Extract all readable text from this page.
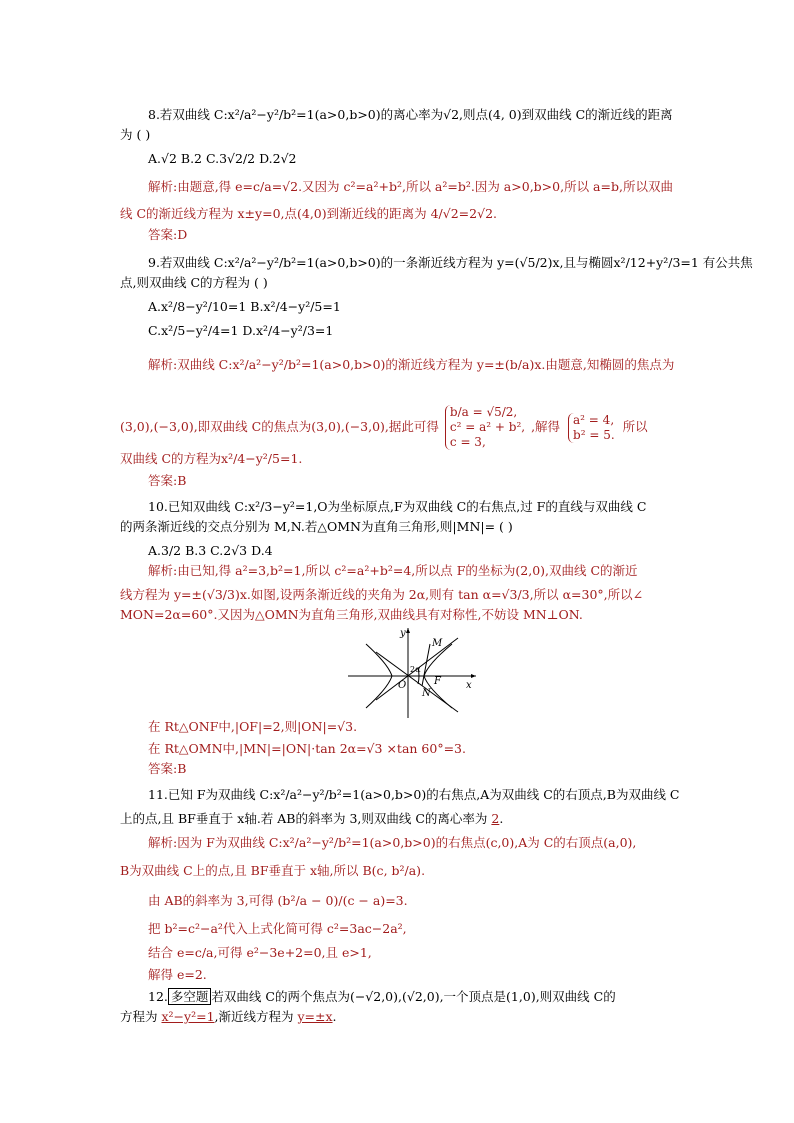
8.若双曲线 C:x²/a²−y²/b²=1(a>0,b>0)的离心率为√2,则点(4, 0)到双曲线 C的渐近线的距离
为 ( )
A.√2 B.2 C.3√2/2 D.2√2
解析:由题意,得 e=c/a=√2.又因为 c²=a²+b²,所以 a²=b².因为 a>0,b>0,所以 a=b,所以双曲
线 C的渐近线方程为 x±y=0,点(4,0)到渐近线的距离为 4/√2=2√2.
答案:D
9.若双曲线 C:x²/a²−y²/b²=1(a>0,b>0)的一条渐近线方程为 y=(√5/2)x,且与椭圆x²/12+y²/3=1 有公共焦
点,则双曲线 C的方程为 ( )
A.x²/8−y²/10=1 B.x²/4−y²/5=1
C.x²/5−y²/4=1 D.x²/4−y²/3=1
解析:双曲线 C:x²/a²−y²/b²=1(a>0,b>0)的渐近线方程为 y=±(b/a)x.由题意,知椭圆的焦点为
(3,0),(−3,0),即双曲线 C的焦点为(3,0),(−3,0),据此可得
b/a = √5/2,
c² = a² + b²,
c = 3,
,解得 a² = 4,
b² = 5.
所以
双曲线 C的方程为x²/4−y²/5=1.
答案:B
10.已知双曲线 C:x²/3−y²=1,O为坐标原点,F为双曲线 C的右焦点,过 F的直线与双曲线 C
的两条渐近线的交点分别为 M,N.若△OMN为直角三角形,则|MN|= ( )
A.3/2 B.3 C.2√3 D.4
解析:由已知,得 a²=3,b²=1,所以 c²=a²+b²=4,所以点 F的坐标为(2,0),双曲线 C的渐近
线方程为 y=±(√3/3)x.如图,设两条渐近线的夹角为 2α,则有 tan α=√3/3,所以 α=30°,所以∠
MON=2α=60°.又因为△OMN为直角三角形,双曲线具有对称性,不妨设 MN⊥ON.
y
x
O
M
N
F
2α
在 Rt△ONF中,|OF|=2,则|ON|=√3.
在 Rt△OMN中,|MN|=|ON|·tan 2α=√3 ×tan 60°=3.
答案:B
11.已知 F为双曲线 C:x²/a²−y²/b²=1(a>0,b>0)的右焦点,A为双曲线 C的右顶点,B为双曲线 C
上的点,且 BF垂直于 x轴.若 AB的斜率为 3,则双曲线 C的离心率为 2.
解析:因为 F为双曲线 C:x²/a²−y²/b²=1(a>0,b>0)的右焦点(c,0),A为 C的右顶点(a,0),
B为双曲线 C上的点,且 BF垂直于 x轴,所以 B(c, b²/a).
由 AB的斜率为 3,可得 (b²/a − 0)/(c − a)=3.
把 b²=c²−a²代入上式化简可得 c²=3ac−2a²,
结合 e=c/a,可得 e²−3e+2=0,且 e>1,
解得 e=2.
12. 多空题 若双曲线 C的两个焦点为(−√2,0),(√2,0),一个顶点是(1,0),则双曲线 C的
方程为 x²−y²=1,渐近线方程为 y=±x.
